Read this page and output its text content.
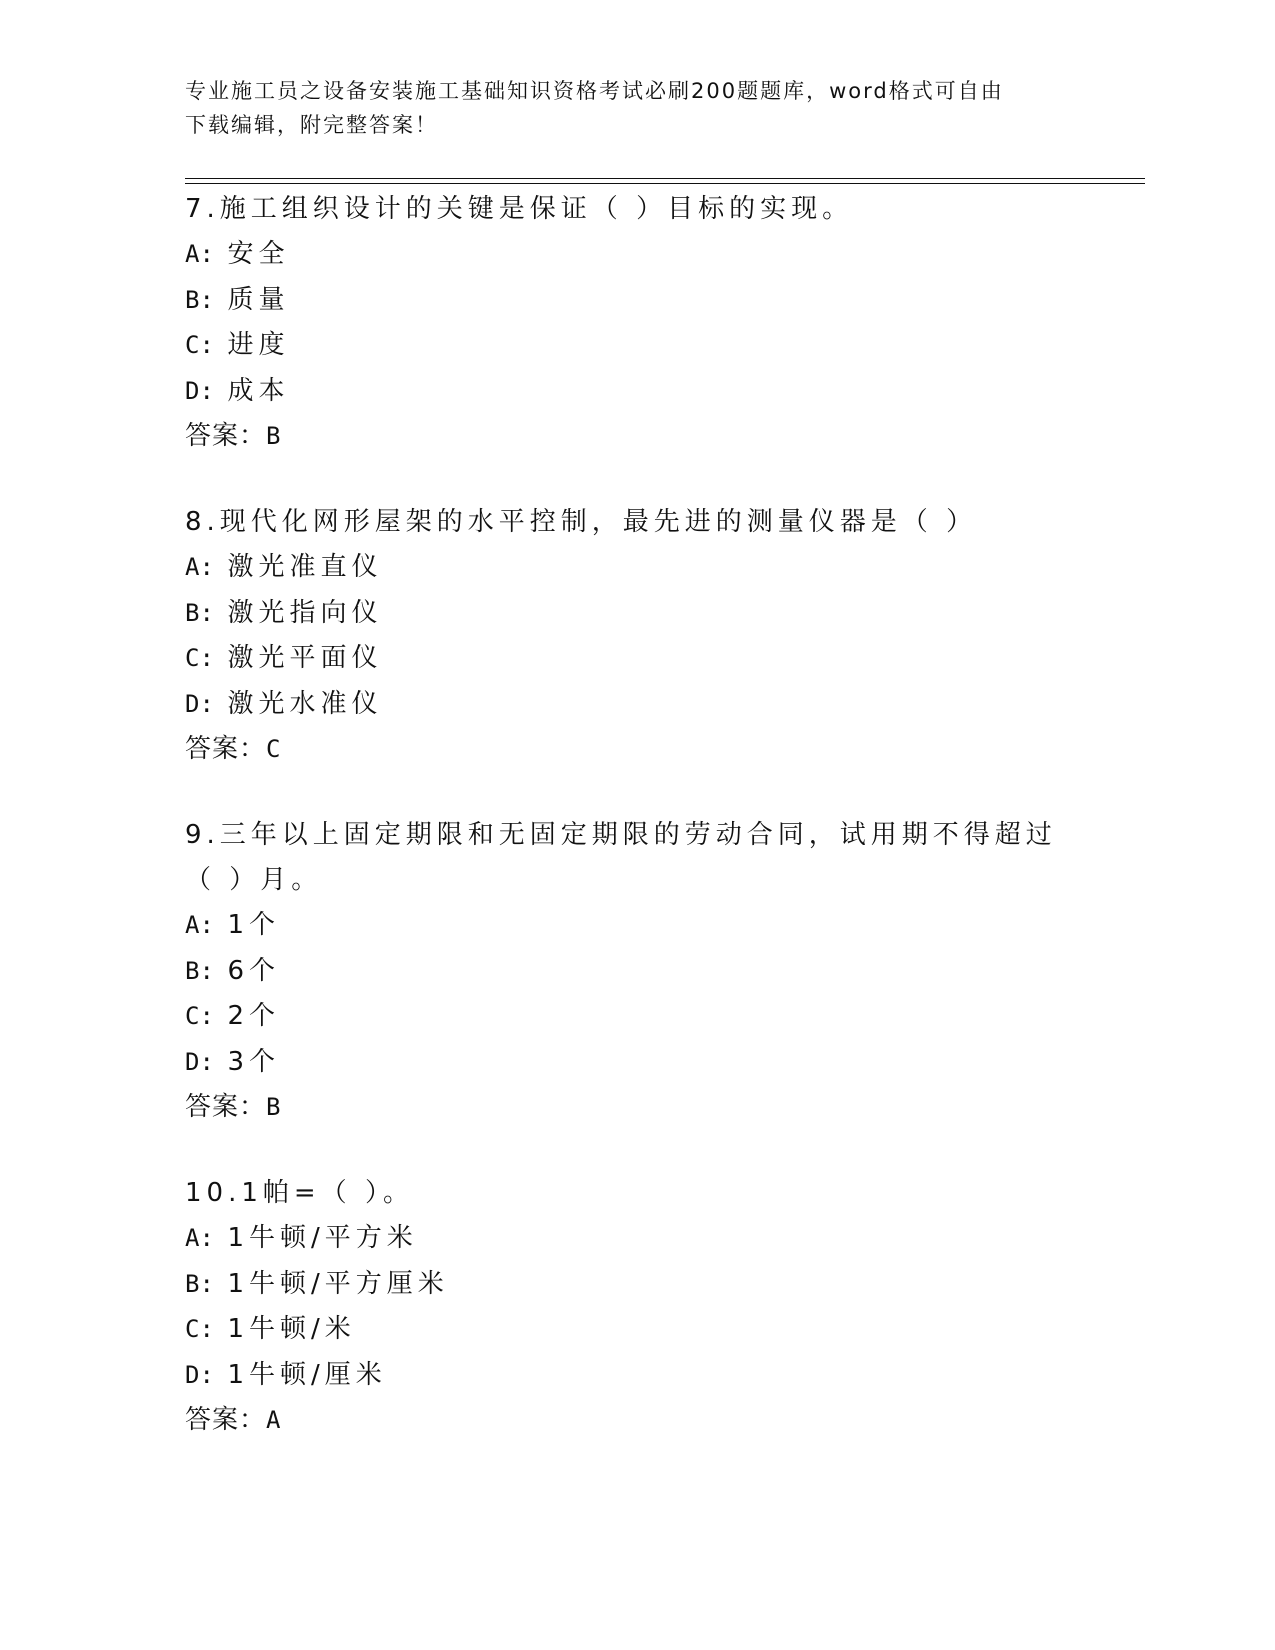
专业施工员之设备安装施工基础知识资格考试必刷200题题库，word格式可自由
下载编辑，附完整答案！
7.施工组织设计的关键是保证（ ）目标的实现。
A : 安全
B : 质量
C : 进度
D : 成本
答案：B
8.现代化网形屋架的水平控制，最先进的测量仪器是（ ）
A : 激光准直仪
B : 激光指向仪
C : 激光平面仪
D : 激光水准仪
答案：C
9.三年以上固定期限和无固定期限的劳动合同，试用期不得超过（ ）月。
A : 1个
B : 6个
C : 2个
D : 3个
答案：B
10.1帕=（ ）。
A : 1牛顿/平方米
B : 1牛顿/平方厘米
C : 1牛顿/米
D : 1牛顿/厘米
答案：A
